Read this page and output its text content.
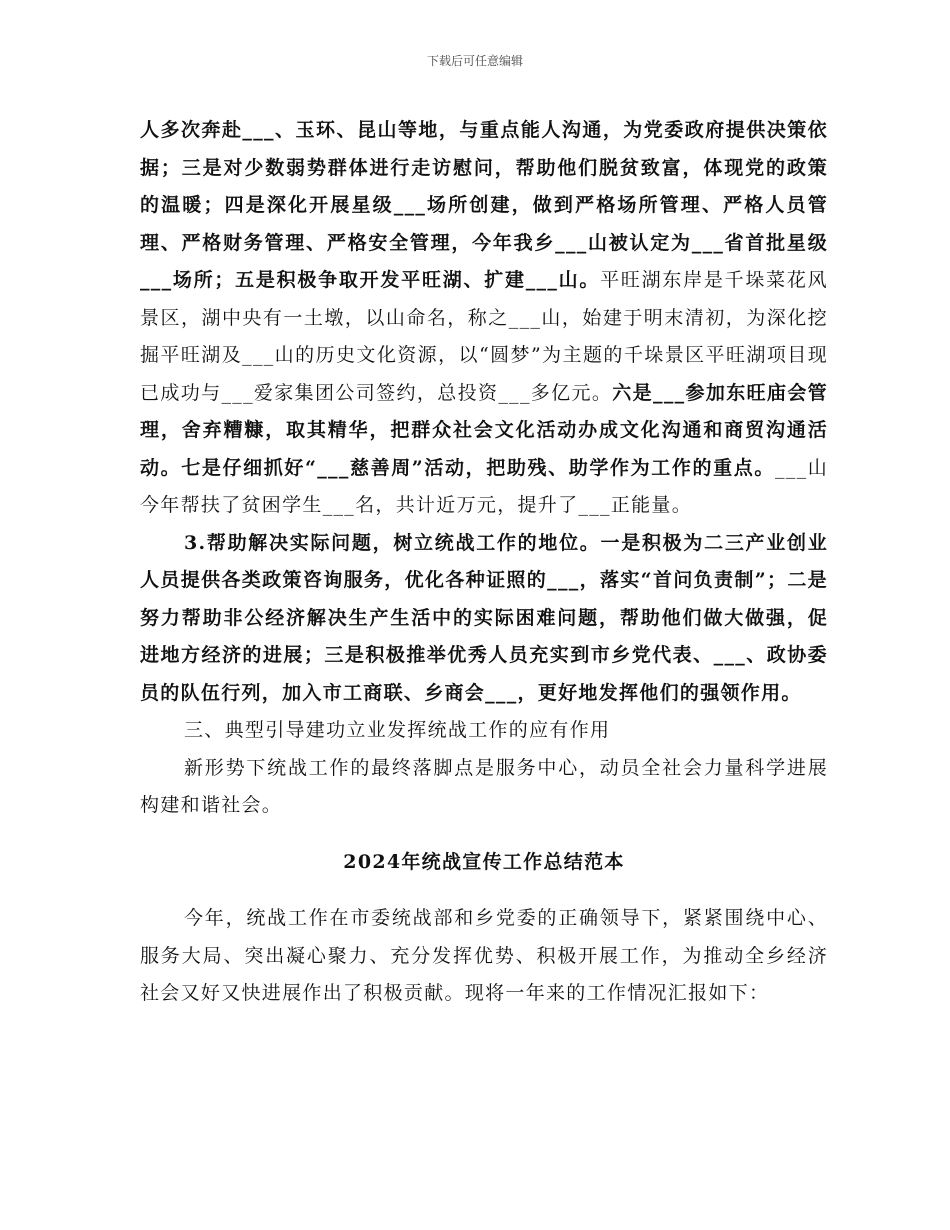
下载后可任意编辑

人多次奔赴___、玉环、昆山等地，与重点能人沟通，为党委政府提供决策依据；三是对少数弱势群体进行走访慰问，帮助他们脱贫致富，体现党的政策的温暖；四是深化开展星级___场所创建，做到严格场所管理、严格人员管理、严格财务管理、严格安全管理，今年我乡___山被认定为___省首批星级___场所；五是积极争取开发平旺湖、扩建___山。平旺湖东岸是千垛菜花风景区，湖中央有一土墩，以山命名，称之___山，始建于明末清初，为深化挖掘平旺湖及___山的历史文化资源，以“圆梦”为主题的千垛景区平旺湖项目现已成功与___爱家集团公司签约，总投资___多亿元。六是___参加东旺庙会管理，舍弃糟糠，取其精华，把群众社会文化活动办成文化沟通和商贸沟通活动。七是仔细抓好“___慈善周”活动，把助残、助学作为工作的重点。___山今年帮扶了贫困学生___名，共计近万元，提升了___正能量。

3.帮助解决实际问题，树立统战工作的地位。一是积极为二三产业创业人员提供各类政策咨询服务，优化各种证照的___，落实“首问负责制”；二是努力帮助非公经济解决生产生活中的实际困难问题，帮助他们做大做强，促进地方经济的进展；三是积极推举优秀人员充实到市乡党代表、___、政协委员的队伍行列，加入市工商联、乡商会___，更好地发挥他们的强领作用。

三、典型引导建功立业发挥统战工作的应有作用

新形势下统战工作的最终落脚点是服务中心，动员全社会力量科学进展构建和谐社会。

2024年统战宣传工作总结范本

今年，统战工作在市委统战部和乡党委的正确领导下，紧紧围绕中心、服务大局、突出凝心聚力、充分发挥优势、积极开展工作，为推动全乡经济社会又好又快进展作出了积极贡献。现将一年来的工作情况汇报如下：
